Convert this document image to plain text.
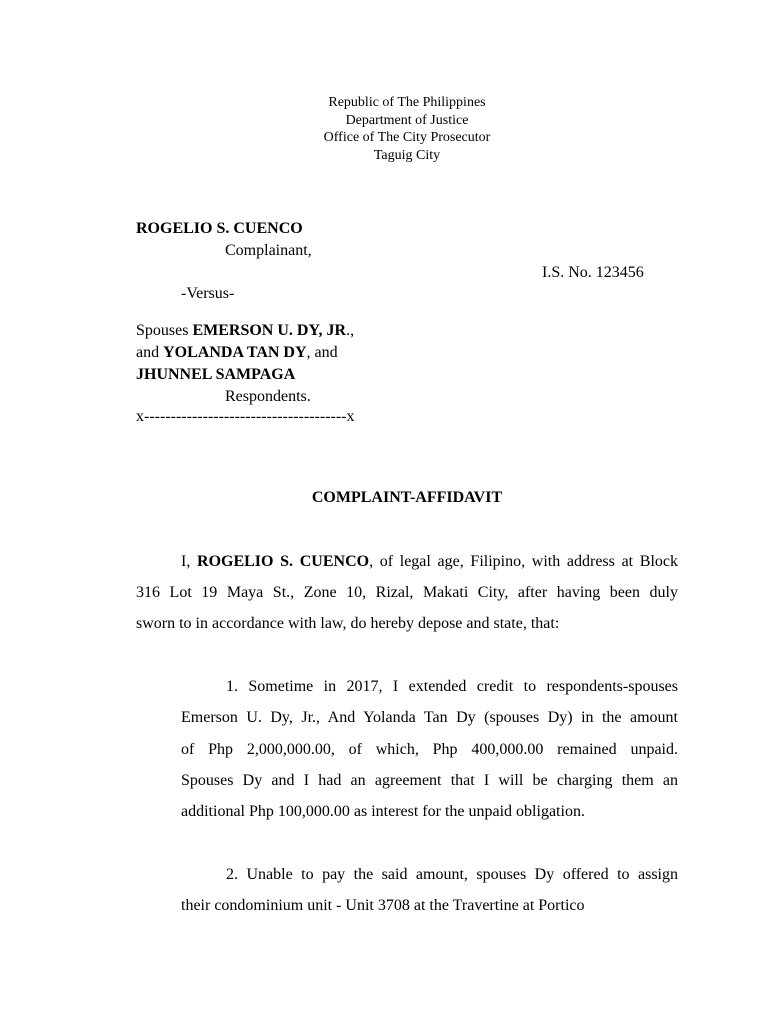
Republic of The Philippines
Department of Justice
Office of The City Prosecutor
Taguig City
ROGELIO S. CUENCO
Complainant,
I.S. No. 123456
-Versus-
Spouses EMERSON U. DY, JR.,
and YOLANDA TAN DY, and
JHUNNEL SAMPAGA
Respondents.
x--------------------------------------x
COMPLAINT-AFFIDAVIT
I, ROGELIO S. CUENCO, of legal age, Filipino, with address at Block
316 Lot 19 Maya St., Zone 10, Rizal, Makati City, after having been duly
sworn to in accordance with law, do hereby depose and state, that:
1. Sometime in 2017, I extended credit to respondents-spouses
Emerson U. Dy, Jr., And Yolanda Tan Dy (spouses Dy) in the amount
of Php 2,000,000.00, of which, Php 400,000.00 remained unpaid.
Spouses Dy and I had an agreement that I will be charging them an
additional Php 100,000.00 as interest for the unpaid obligation.
2. Unable to pay the said amount, spouses Dy offered to assign
their condominium unit - Unit 3708 at the Travertine at Portico
